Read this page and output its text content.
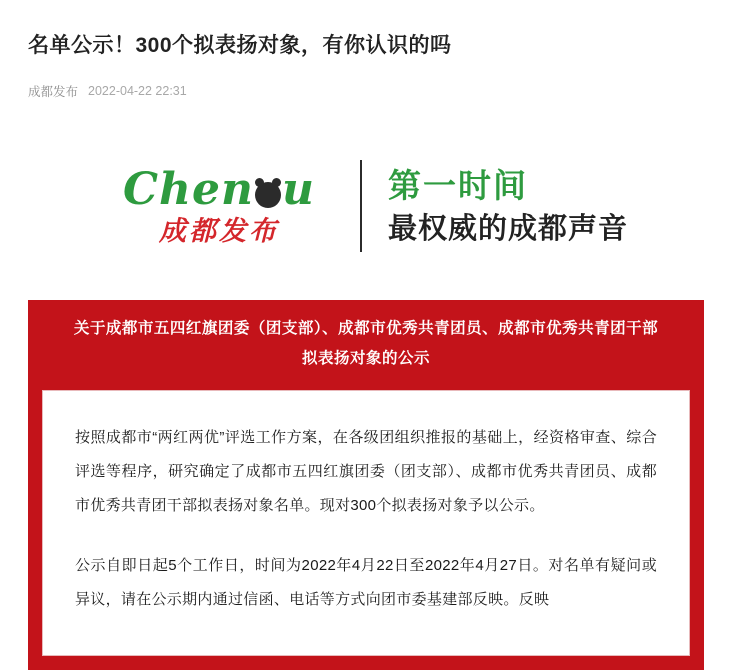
名单公示！300个拟表扬对象，有你认识的吗
成都发布 2022-04-22 22:31
Chen u
成都发布
第一时间
最权威的成都声音
关于成都市五四红旗团委（团支部）、成都市优秀共青团员、成都市优秀共青团干部拟表扬对象的公示

按照成都市“两红两优”评选工作方案，在各级团组织推报的基础上，经资格审查、综合评选等程序，研究确定了成都市五四红旗团委（团支部）、成都市优秀共青团员、成都市优秀共青团干部拟表扬对象名单。现对300个拟表扬对象予以公示。

公示自即日起5个工作日，时间为2022年4月22日至2022年4月27日。对名单有疑问或异议，请在公示期内通过信函、电话等方式向团市委基建部反映。反映
